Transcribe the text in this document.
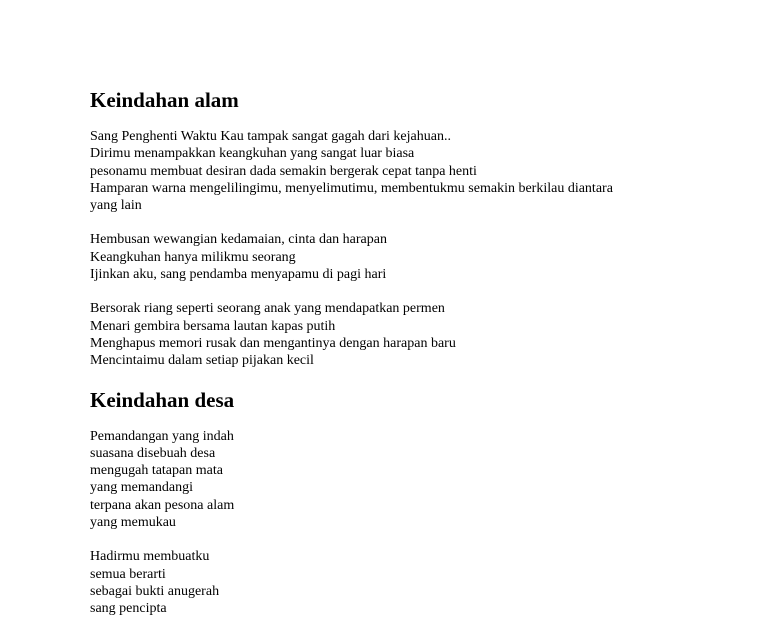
Keindahan alam
Sang Penghenti Waktu Kau tampak sangat gagah dari kejahuan..
Dirimu menampakkan keangkuhan yang sangat luar biasa
pesonamu membuat desiran dada semakin bergerak cepat tanpa henti
Hamparan warna mengelilingimu, menyelimutimu, membentukmu semakin berkilau diantara
yang lain
Hembusan wewangian kedamaian, cinta dan harapan
Keangkuhan hanya milikmu seorang
Ijinkan aku, sang pendamba menyapamu di pagi hari
Bersorak riang seperti seorang anak yang mendapatkan permen
Menari gembira bersama lautan kapas putih
Menghapus memori rusak dan mengantinya dengan harapan baru
Mencintaimu dalam setiap pijakan kecil
Keindahan desa
Pemandangan yang indah
suasana disebuah desa
mengugah tatapan mata
yang memandangi
terpana akan pesona alam
yang memukau
Hadirmu membuatku
semua berarti
sebagai bukti anugerah
sang pencipta
